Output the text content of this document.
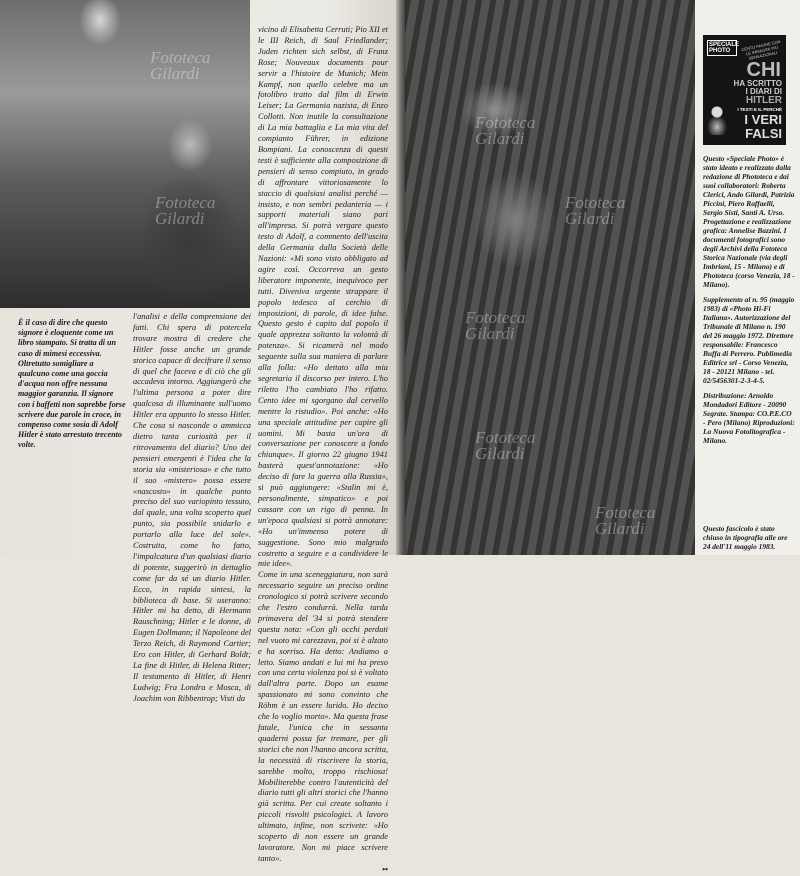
Fototeca Gilardi
Fototeca Gilardi
È il caso di dire che questo signore è eloquente come un libro stampato. Si tratta di un caso di mimesi eccessiva. Oltretutto somigliare a qualcuno come una goccia d'acqua non offre nessuna maggior garanzia. Il signore con i baffetti non saprebbe forse scrivere due parole in croce, in compenso come sosia di Adolf Hitler è stato arrestato trecento volte.
l'analisi e della comprensione dei fatti. Chi spera di potercela trovare mostra di credere che Hitler fosse anche un grande storico capace di decifrare il senso di quel che faceva e di ciò che gli accadeva intorno. Aggiungerò che l'ultima persona a poter dire qualcosa di illuminante sull'uomo Hitler era appunto lo stesso Hitler. Che cosa si nasconde o ammicca dietro tanta curiosità per il ritrovamento del diario? Uno dei pensieri emergenti è l'idea che la storia sia «misteriosa» e che tutto il suo «mistero» possa essere «nascosto» in qualche punto preciso del suo variopinto tessuto, dal quale, una volta scoperto quel punto, sia possibile snidarlo e portarlo alla luce del sole». Costruita, come ho fatto, l'impalcatura d'un qualsiasi diario di potente, suggerirò in dettaglio come far da sé un diario Hitler. Ecco, in rapida sintesi, la biblioteca di base. Si useranno: Hitler mi ha detto, di Hermann Rauschning; Hitler e le donne, di Eugen Dollmann; il Napoleone del Terzo Reich, di Raymond Cartier; Ero con Hitler, di Gerhard Boldt; La fine di Hitler, di Helena Ritter; Il testamento di Hitler, di Henri Ludwig; Fra Londra e Mosca, di Joachim von Ribbentrop; Visti da

vicino di Elisabetta Cerruti; Pio XII et le III Reich, di Saul Friedlander; Juden richten sich selbst, di Franz Rose; Nouveaux documents pour servir a l'histoire de Munich; Mein Kampf, non quello celebre ma un fotolibro tratto dal film di Erwin Leiser; La Germania nazista, di Enzo Collotti. Non inutile la consultazione di La mia battaglia e La mia vita del compianto Führer, in edizione Bompiani. La conoscenza di questi testi è sufficiente alla composizione di pensieri di senso compiuto, in grado di affrontare vittoriosamente lo staccio di qualsiasi analisi perché — insisto, e non sembri pedanteria — i supporti materiali siano pari all'impresa. Si potrà vergare questo testo di Adolf, a commento dell'uscita della Germania dalla Società delle Nazioni: «Mi sono visto obbligato ad agire così. Occorreva un gesto liberatore imponente, inequivoco per tutti. Diveniva urgente strappare il popolo tedesco al cerchio di imposizioni, di parole, di idee false. Questo gesto è capito dal popolo il quale apprezza soltanto la volontà di potenza». Si ricamerà nel modo seguente sulla sua maniera di parlare alla folla: «Ho dettato alla mia segretaria il discorso per intero. L'ho riletto l'ho cambiato l'ho rifatto. Cento idee mi sgorgano dal cervello mentre lo ristudio». Poi anche: «Ho una speciale attitudine per capire gli uomini. Mi basta un'ora di conversazione per conoscere a fondo chiunque». Il giorno 22 giugno 1941 basterà quest'annotazione: «Ho deciso di fare la guerra alla Russia», si può aggiungere: «Stalin mi è, personalmente, simpatico» e poi cassare con un rigo di penna. In un'epoca qualsiasi si potrà annotare: «Ho un'immenso potere di suggestione. Sono mio malgrado costretto a seguire e a condividere le mie idee».

Come in una sceneggiatura, non sarà necessario seguire un preciso ordine cronologico si potrà scrivere secondo che l'estro condurrà. Nella tarda primavera del '34 si potrà stendere questa nota: «Con gli occhi perduti nel vuoto mi carezzava, poi si è alzato e ha sorriso. Ha detto: Andiamo a letto. Siamo andati e lui mi ha preso con una certa violenza poi si è voltato dall'altra parte. Dopo un esame spassionato mi sono convinto che Röhm è un essere lurido. Ho deciso che lo voglio morto». Ma questa frase fatale, l'unica che in sessanta quaderni possa far tremare, per gli storici che non l'hanno ancora scritta, la necessità di riscrivere la storia, sarebbe molto, troppo rischiosa! Mobiliterebbe contro l'autenticità del diario tutti gli altri storici che l'hanno già scritta. Per cui create soltanto i piccoli risvolti psicologici. A lavoro ultimato, infine, non scrivete: «Ho scoperto di non essere un grande lavoratore. Non mi piace scrivere tanto».

••

Fototeca Gilardi
Fototeca Gilardi
Fototeca Gilardi
Fototeca Gilardi
Fototeca Gilardi
SPECIALE PHOTO	CENTO PAGINE CON LE IMMAGINI PIÙ SENSAZIONALI
CHI
HA SCRITTO
I DIARI DI
HITLER
I TESTI E IL PERCHÉ
I VERI
FALSI
Questo «Speciale Photo» è stato ideato e realizzato dalla redazione di Phototeca e dai suoi collaboratori: Roberta Clerici, Ando Gilardi, Patrizia Piccini, Piero Raffaelli, Sergio Sisti, Santi A. Urso. Progettazione e realizzazione grafica: Annelise Bazzini. I documenti fotografici sono degli Archivi della Fototeca Storica Nazionale (via degli Imbriani, 15 - Milano) e di Phototeca (corso Venezia, 18 - Milano).
Supplemento al n. 95 (maggio 1983) di «Photo Hi-Fi Italiana». Autorizzazione del Tribunale di Milano n. 190 del 26 maggio 1972. Direttore responsabile: Francesco Buffa di Perrero. Publimedia Editrice srl - Corso Venezia, 18 - 20121 Milano - tel. 02/5456301-2-3-4-5.
Distribuzione: Arnoldo Mondadori Editore - 20090 Segrate. Stampa: CO.P.E.CO - Pero (Milano) Riproduzioni: La Nuova Fotolitografica - Milano.
Questo fascicolo è stato chiuso in tipografia alle ore 24 dell'11 maggio 1983.
